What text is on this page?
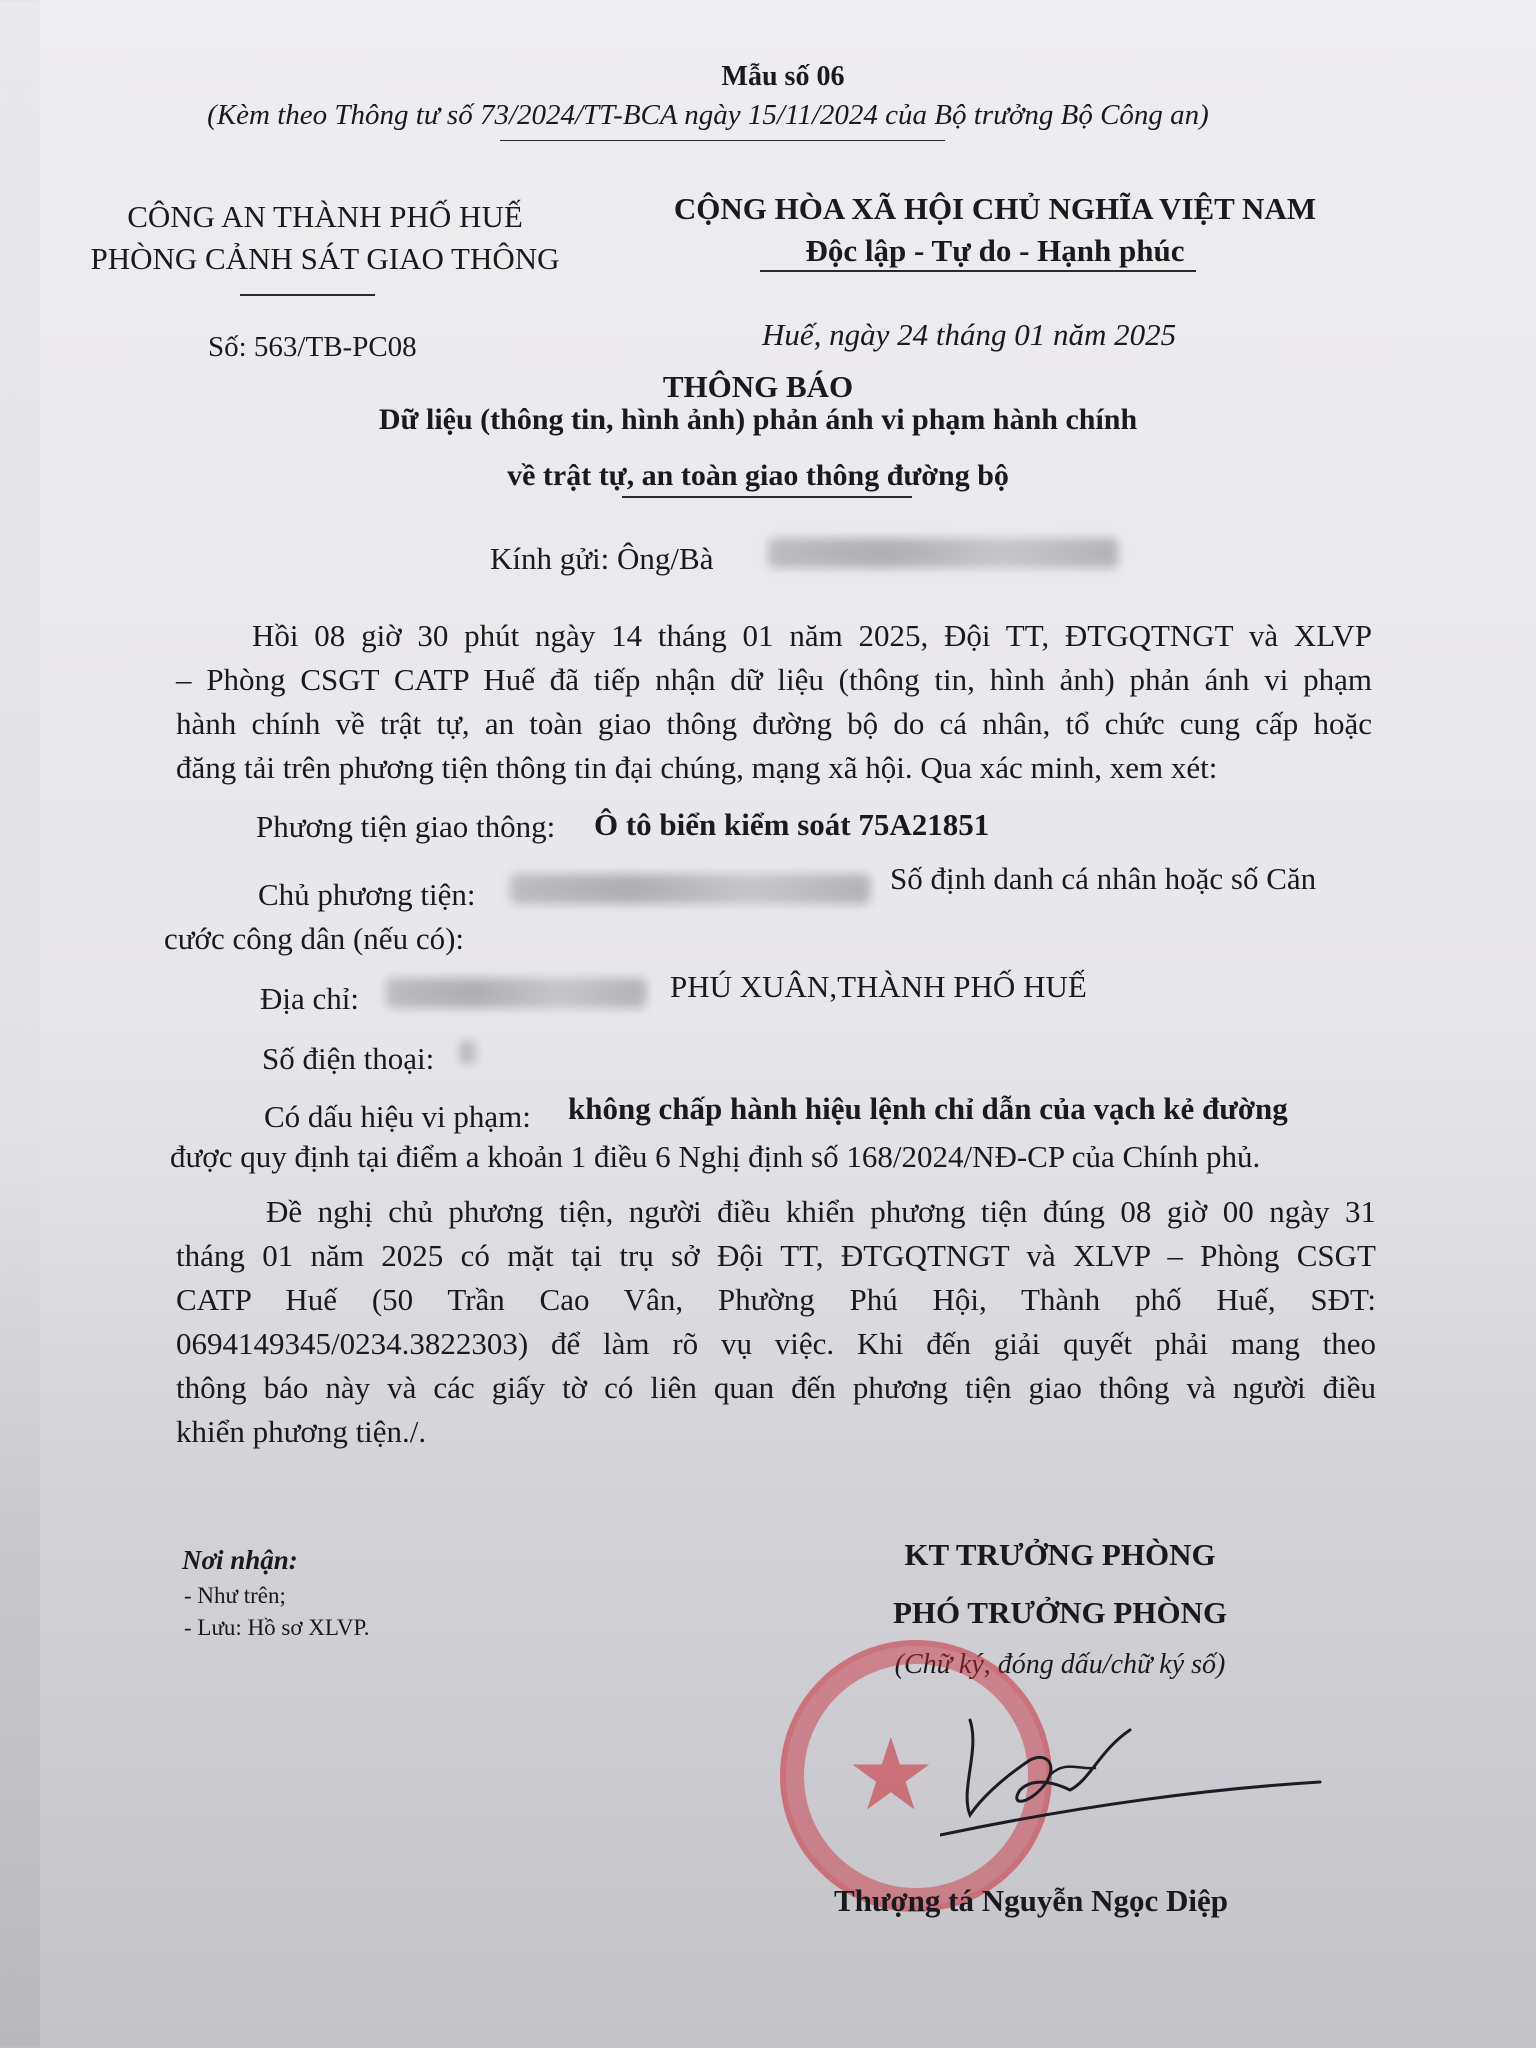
Mẫu số 06
(Kèm theo Thông tư số 73/2024/TT-BCA ngày 15/11/2024 của Bộ trưởng Bộ Công an)
CÔNG AN THÀNH PHỐ HUẾ
PHÒNG CẢNH SÁT GIAO THÔNG
CỘNG HÒA XÃ HỘI CHỦ NGHĨA VIỆT NAM
Độc lập - Tự do - Hạnh phúc
Số: 563/TB-PC08	Huế, ngày 24 tháng 01 năm 2025
THÔNG BÁO
Dữ liệu (thông tin, hình ảnh) phản ánh vi phạm hành chính
về trật tự, an toàn giao thông đường bộ
Kính gửi: Ông/Bà
Hồi 08 giờ 30 phút ngày 14 tháng 01 năm 2025, Đội TT, ĐTGQTNGT và XLVP
– Phòng CSGT CATP Huế đã tiếp nhận dữ liệu (thông tin, hình ảnh) phản ánh vi phạm
hành chính về trật tự, an toàn giao thông đường bộ do cá nhân, tổ chức cung cấp hoặc
đăng tải trên phương tiện thông tin đại chúng, mạng xã hội. Qua xác minh, xem xét:
Phương tiện giao thông: Ô tô biển kiểm soát 75A21851
Chủ phương tiện:	Số định danh cá nhân hoặc số Căn
cước công dân (nếu có):
Địa chỉ:	PHÚ XUÂN,THÀNH PHỐ HUẾ
Số điện thoại:
Có dấu hiệu vi phạm: không chấp hành hiệu lệnh chỉ dẫn của vạch kẻ đường
được quy định tại điểm a khoản 1 điều 6 Nghị định số 168/2024/NĐ-CP của Chính phủ.
Đề nghị chủ phương tiện, người điều khiển phương tiện đúng 08 giờ 00 ngày 31
tháng 01 năm 2025 có mặt tại trụ sở Đội TT, ĐTGQTNGT và XLVP – Phòng CSGT
CATP Huế (50 Trần Cao Vân, Phường Phú Hội, Thành phố Huế, SĐT:
0694149345/0234.3822303) để làm rõ vụ việc. Khi đến giải quyết phải mang theo
thông báo này và các giấy tờ có liên quan đến phương tiện giao thông và người điều
khiển phương tiện./.
Nơi nhận:
- Như trên;
- Lưu: Hồ sơ XLVP.
KT TRƯỞNG PHÒNG
PHÓ TRƯỞNG PHÒNG
(Chữ ký, đóng dấu/chữ ký số)
★
Thượng tá Nguyễn Ngọc Diệp
